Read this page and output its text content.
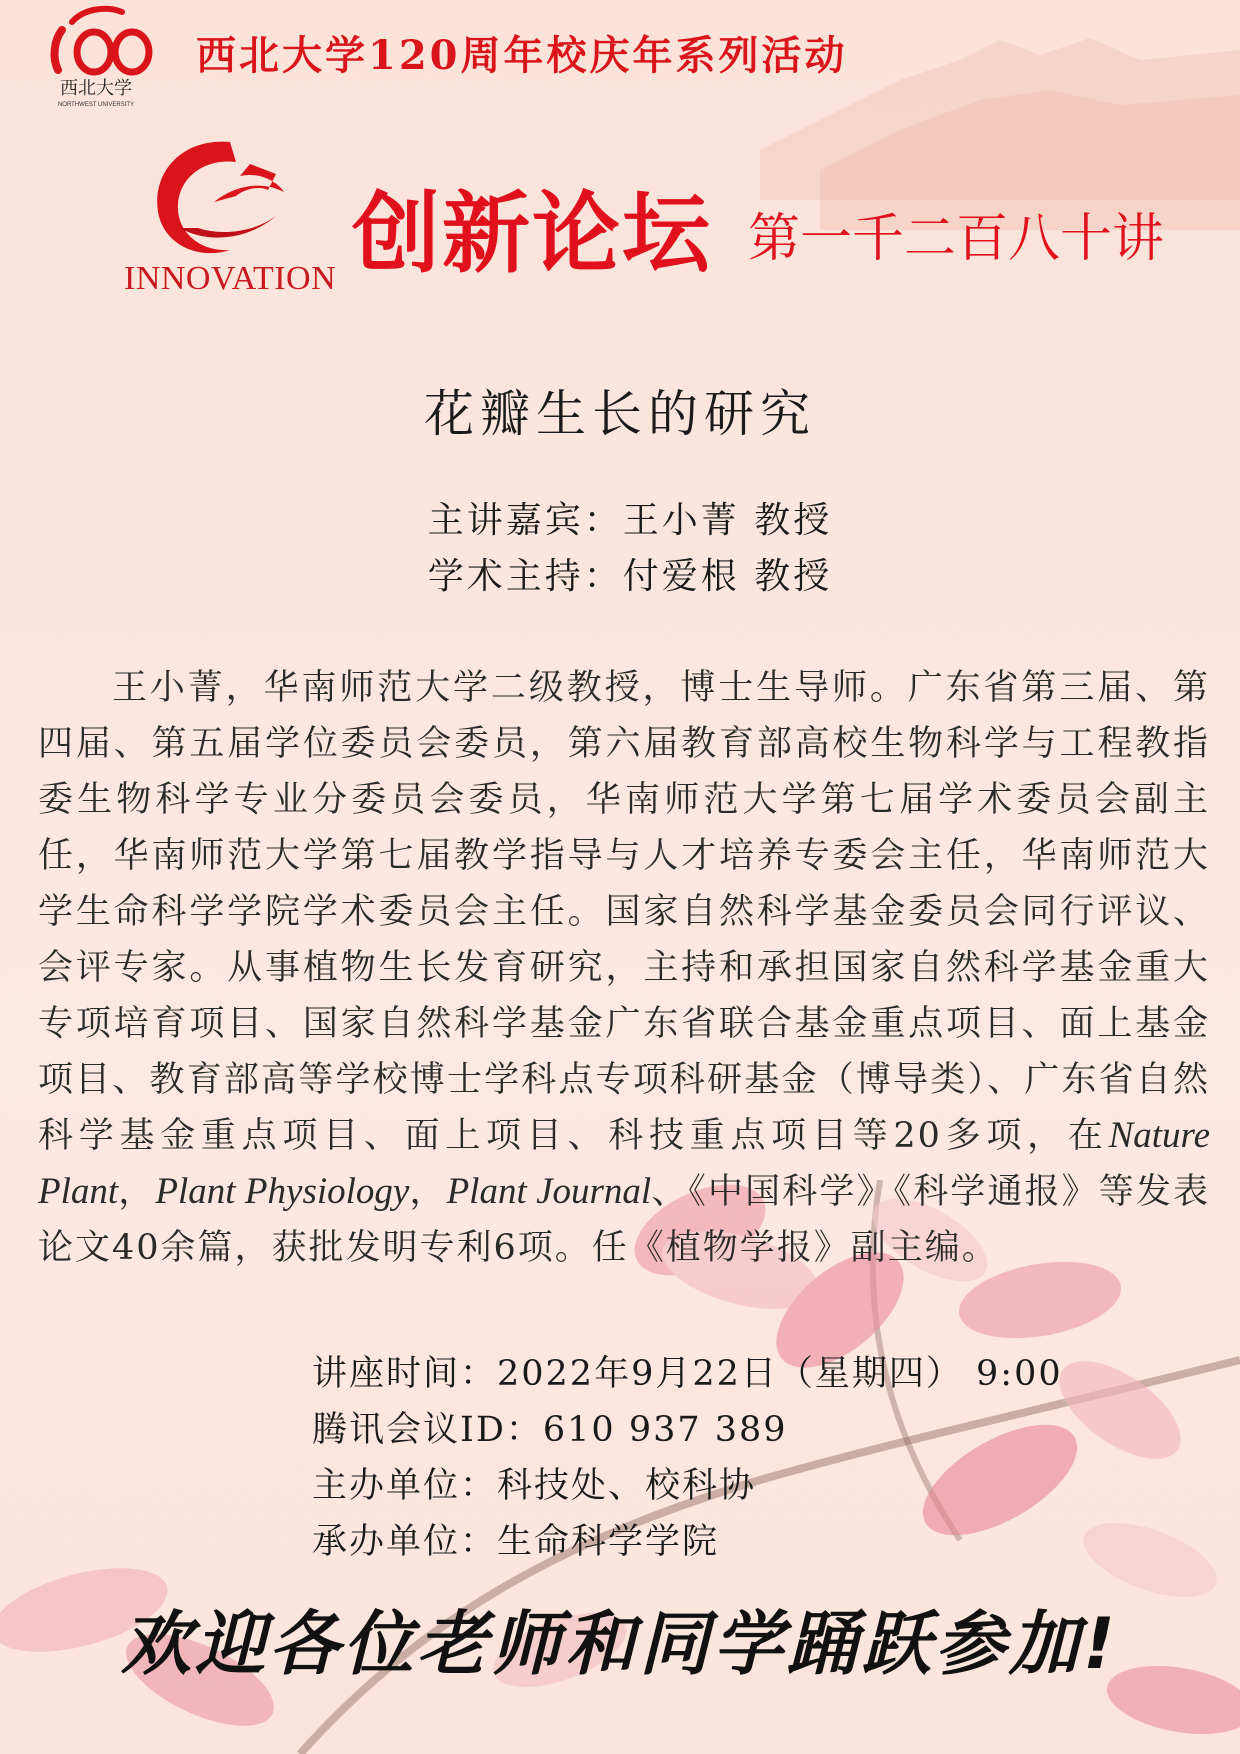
西北大学
NORTHWEST UNIVERSITY
西北大学120周年校庆年系列活动
INNOVATION 创新论坛 第一千二百八十讲
花瓣生长的研究
主讲嘉宾：王小菁 教授
学术主持：付爱根 教授
王小菁，华南师范大学二级教授，博士生导师。广东省第三届、第四届、第五届学位委员会委员，第六届教育部高校生物科学与工程教指委生物科学专业分委员会委员，华南师范大学第七届学术委员会副主任，华南师范大学第七届教学指导与人才培养专委会主任，华南师范大学生命科学学院学术委员会主任。国家自然科学基金委员会同行评议、会评专家。从事植物生长发育研究，主持和承担国家自然科学基金重大专项培育项目、国家自然科学基金广东省联合基金重点项目、面上基金项目、教育部高等学校博士学科点专项科研基金（博导类）、广东省自然科学基金重点项目、面上项目、科技重点项目等20多项，在Nature Plant，Plant Physiology，Plant Journal、《中国科学》《科学通报》等发表论文40余篇，获批发明专利6项。任《植物学报》副主编。
讲座时间：2022年9月22日（星期四） 9:00
腾讯会议ID：610 937 389
主办单位：科技处、校科协
承办单位：生命科学学院
欢迎各位老师和同学踊跃参加!
